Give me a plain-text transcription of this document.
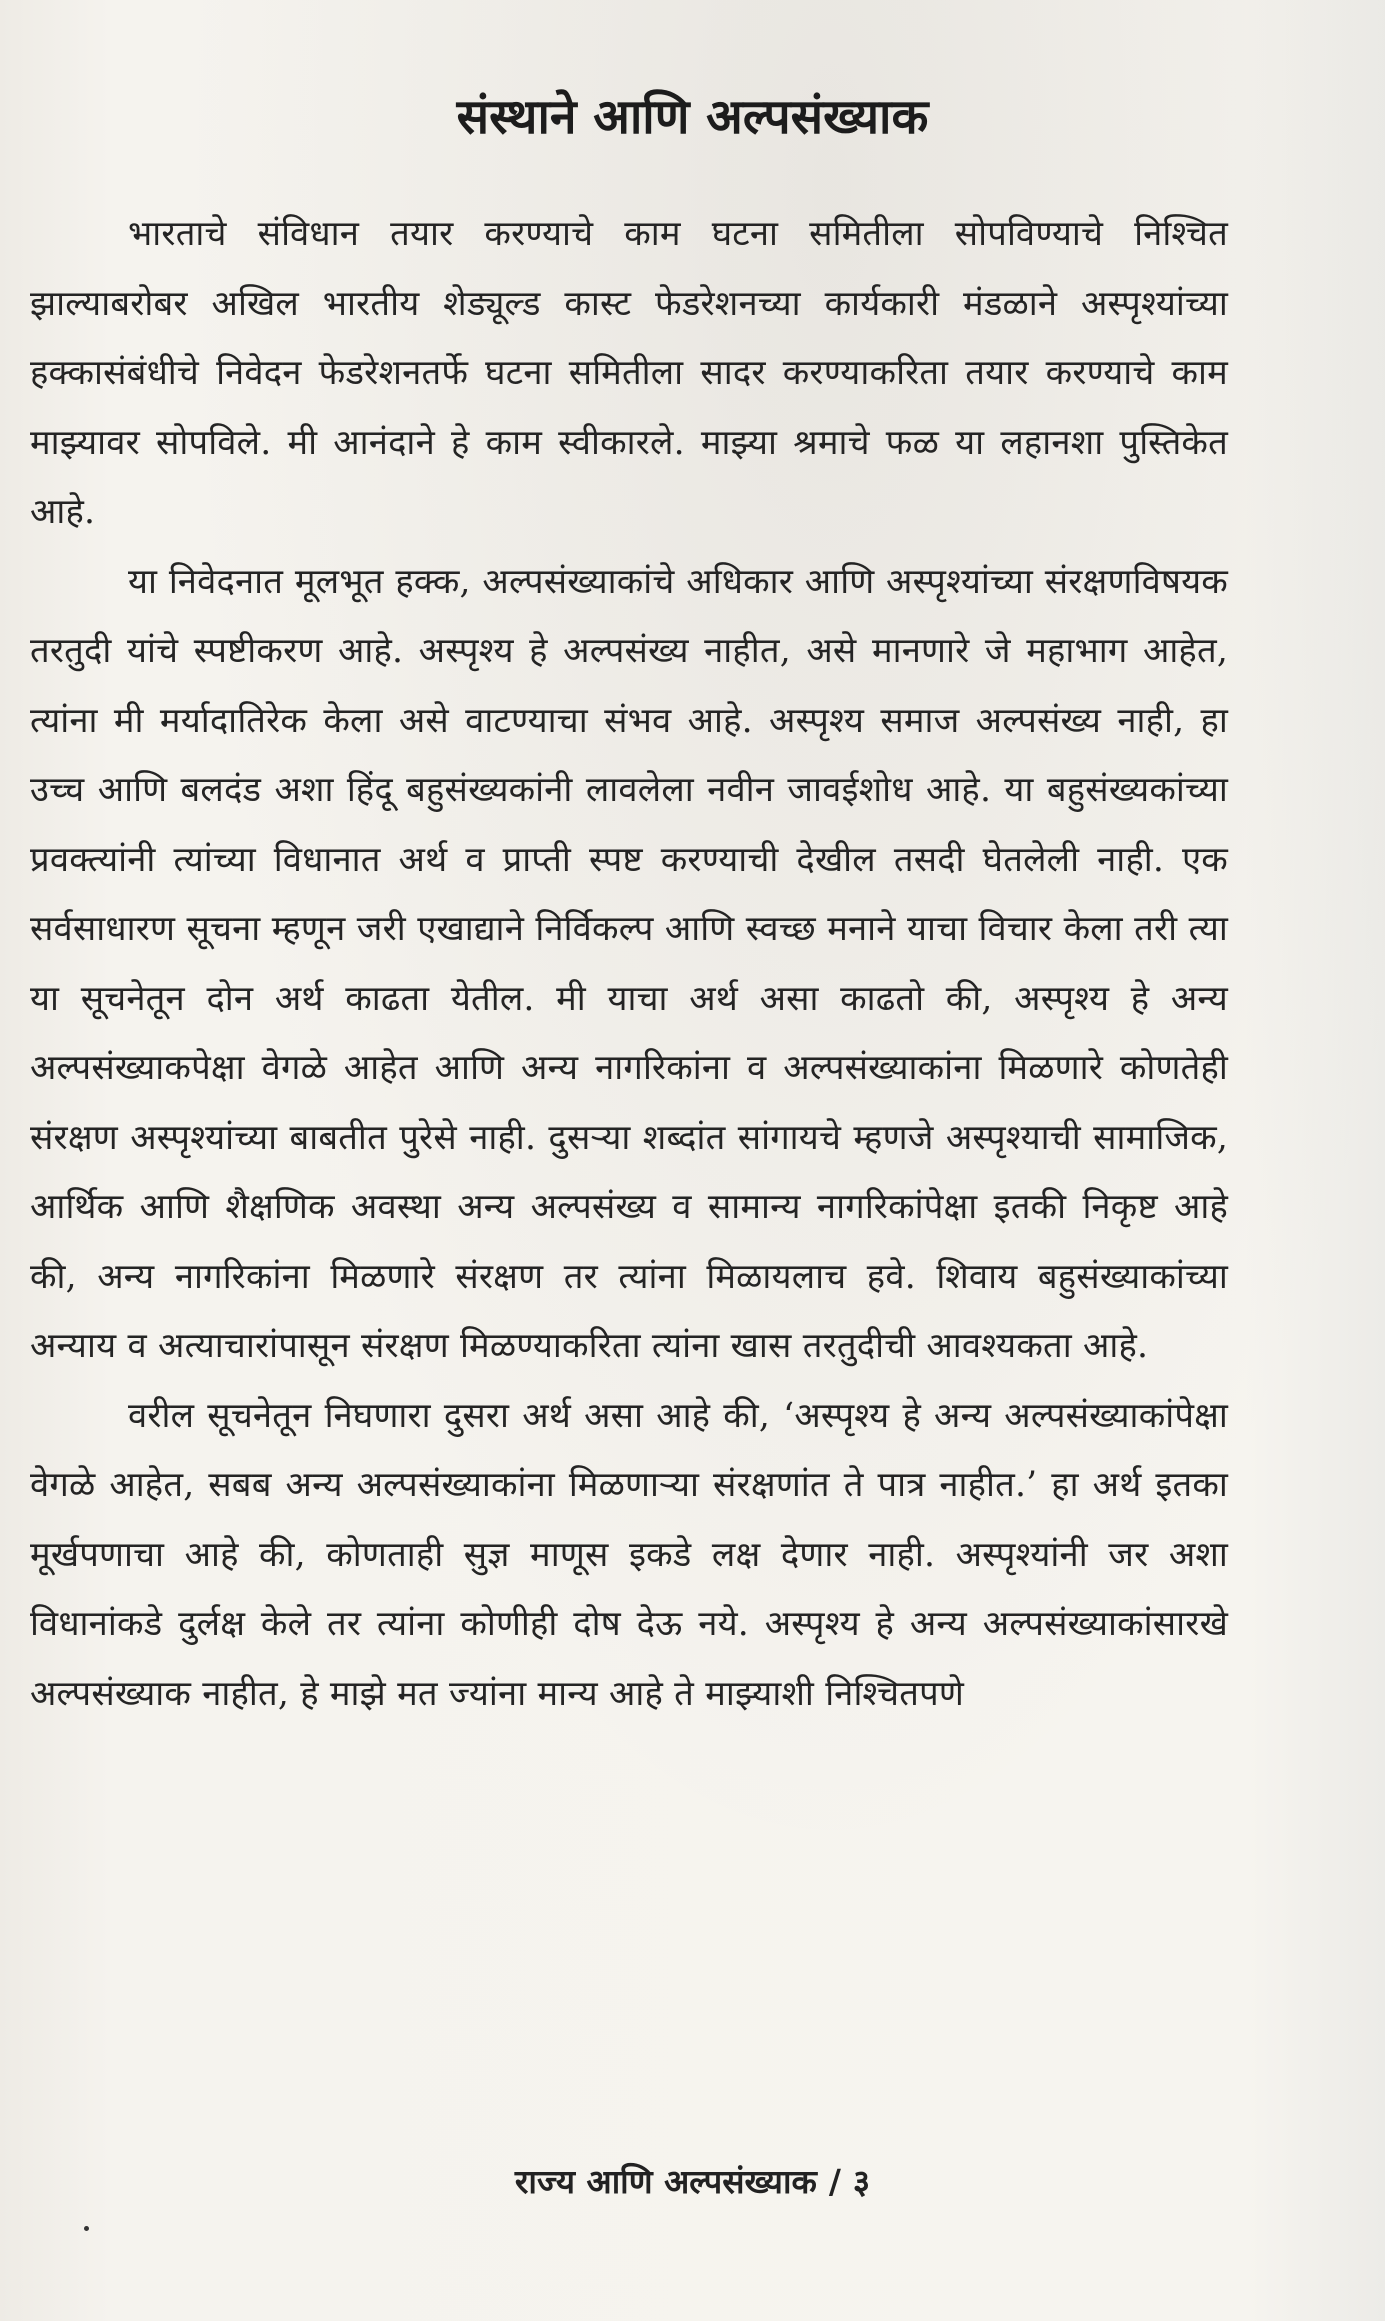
संस्थाने आणि अल्पसंख्याक

भारताचे संविधान तयार करण्याचे काम घटना समितीला सोपविण्याचे निश्चित झाल्याबरोबर अखिल भारतीय शेड्यूल्ड कास्ट फेडरेशनच्या कार्यकारी मंडळाने अस्पृश्यांच्या हक्कासंबंधीचे निवेदन फेडरेशनतर्फे घटना समितीला सादर करण्याकरिता तयार करण्याचे काम माझ्यावर सोपविले. मी आनंदाने हे काम स्वीकारले. माझ्या श्रमाचे फळ या लहानशा पुस्तिकेत आहे.

या निवेदनात मूलभूत हक्क, अल्पसंख्याकांचे अधिकार आणि अस्पृश्यांच्या संरक्षणविषयक तरतुदी यांचे स्पष्टीकरण आहे. अस्पृश्य हे अल्पसंख्य नाहीत, असे मानणारे जे महाभाग आहेत, त्यांना मी मर्यादातिरेक केला असे वाटण्याचा संभव आहे. अस्पृश्य समाज अल्पसंख्य नाही, हा उच्च आणि बलदंड अशा हिंदू बहुसंख्यकांनी लावलेला नवीन जावईशोध आहे. या बहुसंख्यकांच्या प्रवक्त्यांनी त्यांच्या विधानात अर्थ व प्राप्ती स्पष्ट करण्याची देखील तसदी घेतलेली नाही. एक सर्वसाधारण सूचना म्हणून जरी एखाद्याने निर्विकल्प आणि स्वच्छ मनाने याचा विचार केला तरी त्या या सूचनेतून दोन अर्थ काढता येतील. मी याचा अर्थ असा काढतो की, अस्पृश्य हे अन्य अल्पसंख्याकपेक्षा वेगळे आहेत आणि अन्य नागरिकांना व अल्पसंख्याकांना मिळणारे कोणतेही संरक्षण अस्पृश्यांच्या बाबतीत पुरेसे नाही. दुसऱ्या शब्दांत सांगायचे म्हणजे अस्पृश्याची सामाजिक, आर्थिक आणि शैक्षणिक अवस्था अन्य अल्पसंख्य व सामान्य नागरिकांपेक्षा इतकी निकृष्ट आहे की, अन्य नागरिकांना मिळणारे संरक्षण तर त्यांना मिळायलाच हवे. शिवाय बहुसंख्याकांच्या अन्याय व अत्याचारांपासून संरक्षण मिळण्याकरिता त्यांना खास तरतुदीची आवश्यकता आहे.

वरील सूचनेतून निघणारा दुसरा अर्थ असा आहे की, ‘अस्पृश्य हे अन्य अल्पसंख्याकांपेक्षा वेगळे आहेत, सबब अन्य अल्पसंख्याकांना मिळणाऱ्या संरक्षणांत ते पात्र नाहीत.’ हा अर्थ इतका मूर्खपणाचा आहे की, कोणताही सुज्ञ माणूस इकडे लक्ष देणार नाही. अस्पृश्यांनी जर अशा विधानांकडे दुर्लक्ष केले तर त्यांना कोणीही दोष देऊ नये. अस्पृश्य हे अन्य अल्पसंख्याकांसारखे अल्पसंख्याक नाहीत, हे माझे मत ज्यांना मान्य आहे ते माझ्याशी निश्चितपणे

राज्य आणि अल्पसंख्याक / ३
